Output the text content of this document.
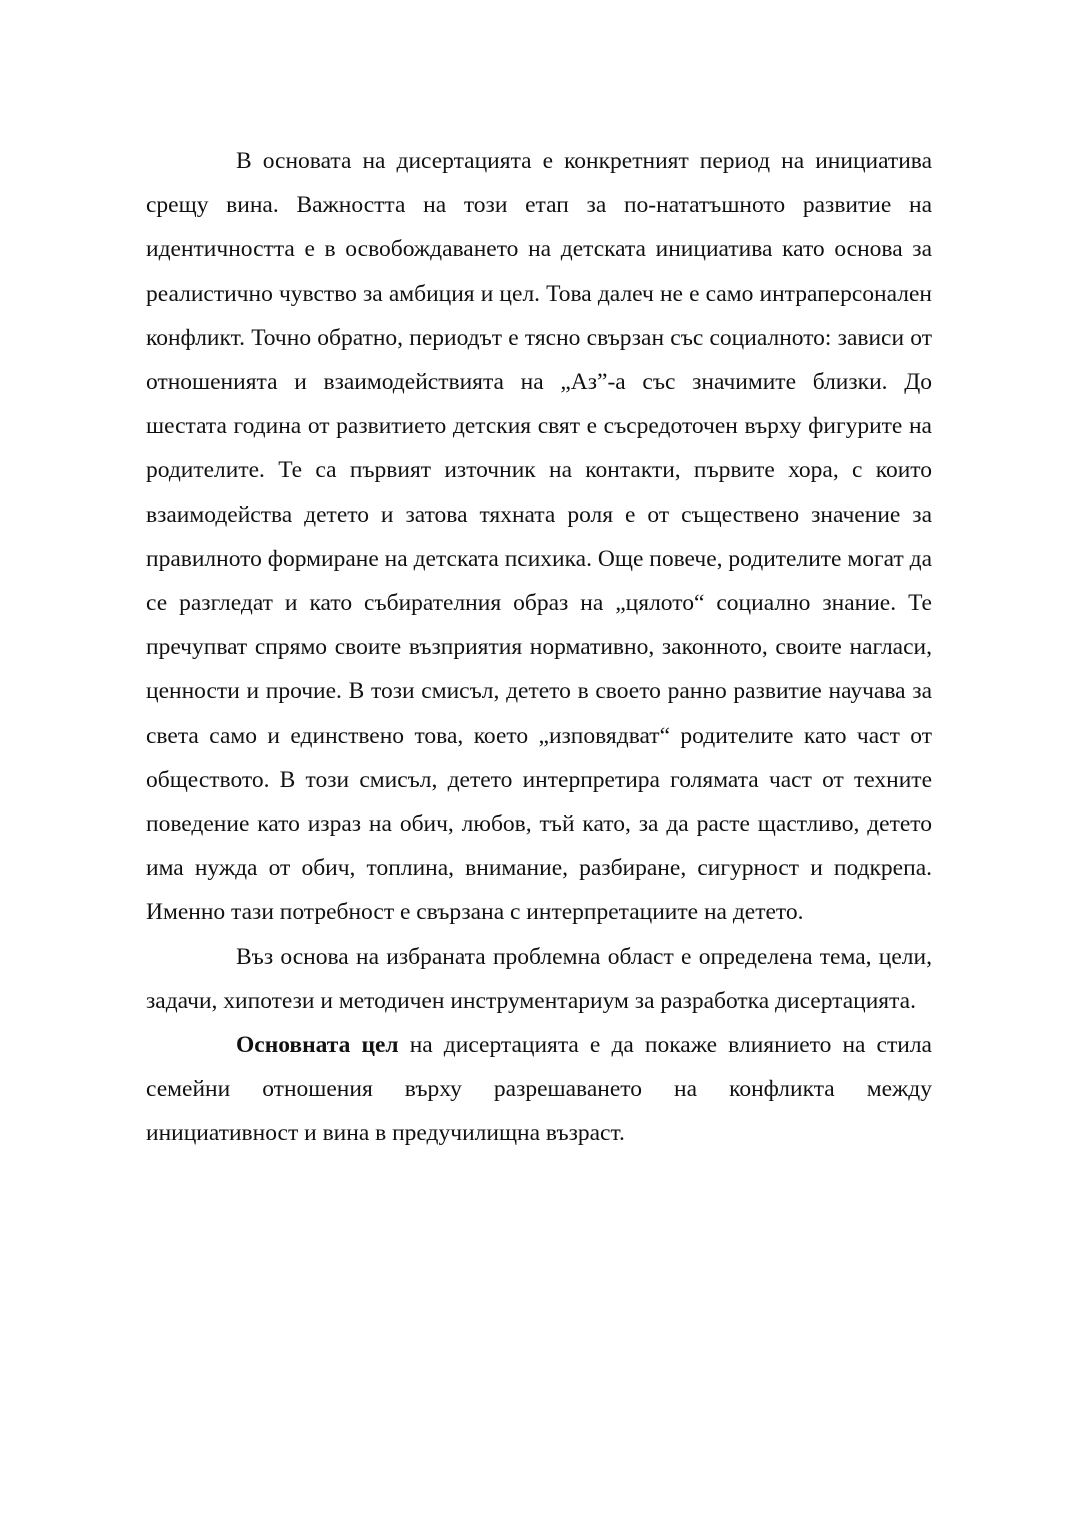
В основата на дисертацията е конкретният период на инициатива срещу вина. Важността на този етап за по-нататъшното развитие на идентичността е в освобождаването на детската инициатива като основа за реалистично чувство за амбиция и цел. Това далеч не е само интраперсонален конфликт. Точно обратно, периодът е тясно свързан със социалното: зависи от отношенията и взаимодействията на „Аз”-а със значимите близки. До шестата година от развитието детския свят е съсредоточен върху фигурите на родителите. Те са първият източник на контакти, първите хора, с които взаимодейства детето и затова тяхната роля е от съществено значение за правилното формиране на детската психика. Още повече, родителите могат да се разгледат и като събирателния образ на „цялото“ социално знание. Те пречупват спрямо своите възприятия нормативно, законното, своите нагласи, ценности и прочие. В този смисъл, детето в своето ранно развитие научава за света само и единствено това, което „изповядват“ родителите като част от обществото. В този смисъл, детето интерпретира голямата част от техните поведение като израз на обич, любов, тъй като, за да расте щастливо, детето има нужда от обич, топлина, внимание, разбиране, сигурност и подкрепа. Именно тази потребност е свързана с интерпретациите на детето.

Въз основа на избраната проблемна област е определена тема, цели, задачи, хипотези и методичен инструментариум за разработка дисертацията.

Основната цел на дисертацията е да покаже влиянието на стила семейни отношения върху разрешаването на конфликта между инициативност и вина в предучилищна възраст.
